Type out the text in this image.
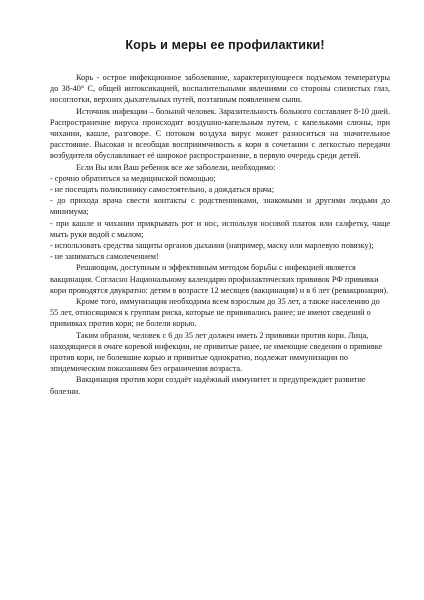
Корь и меры ее профилактики!

Корь - острое инфекционное заболевание, характеризующееся подъемом температуры до 38-40° С, общей интоксикацией, воспалительными явлениями со стороны слизистых глаз, носоглотки, верхних дыхательных путей, поэтапным появлением сыпи.

Источник инфекции – больной человек. Заразительность больного составляет 8-10 дней. Распространение вируса происходит воздушно-капельным путем, с капельками слюны, при чихании, кашле, разговоре. С потоком воздуха вирус может разноситься на значительное расстояние. Высокая и всеобщая восприимчивость к кори в сочетании с легкостью передачи возбудителя обуславливает её широкое распространение, в первую очередь среди детей.

Если Вы или Ваш ребенок все же заболели, необходимо:

- срочно обратиться за медицинской помощью;

- не посещать поликлинику самостоятельно, а дождаться врача;

- до прихода врача свести контакты с родственниками, знакомыми и другими людьми до минимума;

- при кашле и чихании прикрывать рот и нос, используя носовой платок или салфетку, чаще мыть руки водой с мылом;

- использовать средства защиты органов дыхания (например, маску или марлевую повязку);

- не заниматься самолечением!

Решающим, доступным и эффективным методом борьбы с инфекцией является вакцинация. Согласно Национальному календарю профилактических прививок РФ прививки кори проводятся двукратно: детям в возрасте 12 месяцев (вакцинация) и в 6 лет (ревакцинация).

Кроме того, иммунизация необходима всем взрослым до 35 лет, а также населению до 55 лет, относящимся к группам риска, которые не прививались ранее; не имеют сведений о прививках против кори; не болели корью.

Таким образом, человек с 6 до 35 лет должен иметь 2 прививки против кори. Лица, находящиеся в очаге коревой инфекции, не привитые ранее, не имеющие сведения о прививке против кори, не болевшие корью и привитые однократно, подлежат иммунизации по эпидемическим показаниям без ограничения возраста.

Вакцинация против кори создаёт надёжный иммунитет и предупреждает развитие болезни.
